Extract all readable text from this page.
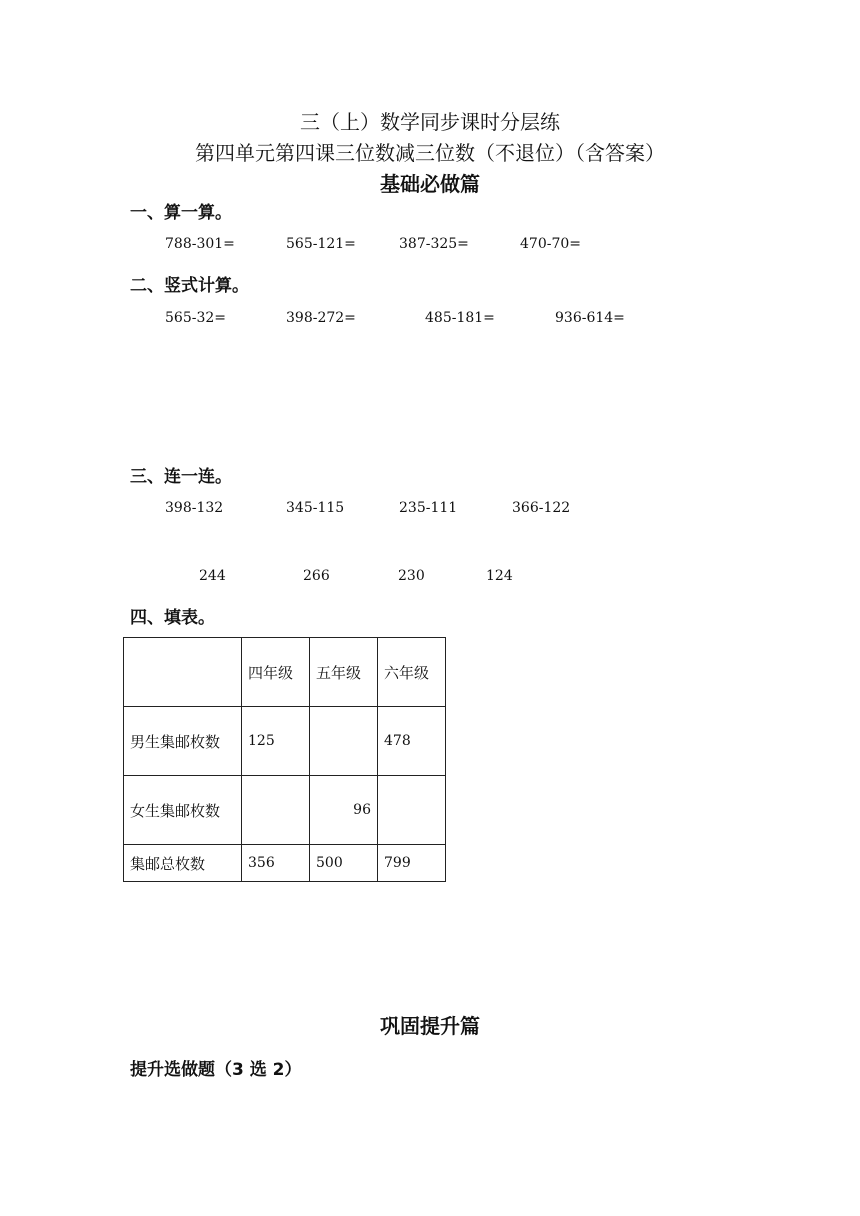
三（上）数学同步课时分层练
第四单元第四课三位数减三位数（不退位）（含答案）
基础必做篇
一、算一算。
788-301=	565-121=	387-325=	470-70=
二、竖式计算。
565-32=	398-272=	485-181=	936-614=
三、连一连。
398-132	345-115	235-111	366-122
244	266	230	124
四、填表。
	四年级	五年级	六年级
男生集邮枚数	125		478
女生集邮枚数		96	
集邮总枚数	356	500	799
巩固提升篇
提升选做题（3 选 2）
